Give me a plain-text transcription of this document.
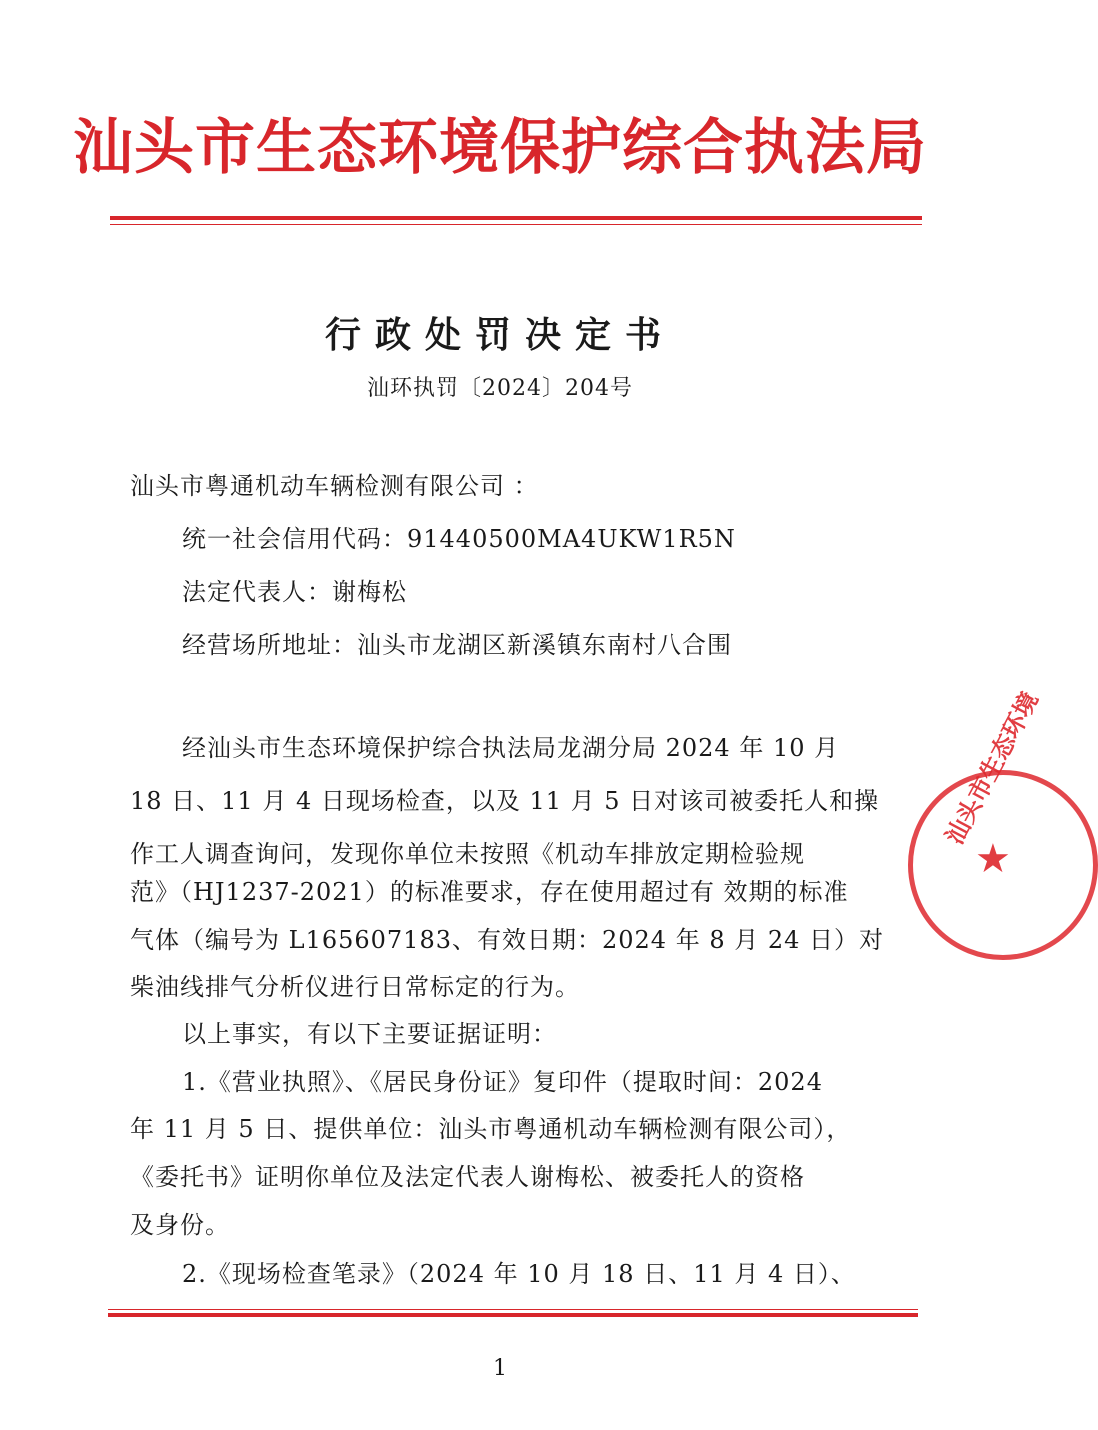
汕头市生态环境保护综合执法局
行政处罚决定书
汕环执罚〔2024〕204号
汕头市粤通机动车辆检测有限公司 ：
统一社会信用代码：91440500MA4UKW1R5N
法定代表人：谢梅松
经营场所地址：汕头市龙湖区新溪镇东南村八合围
经汕头市生态环境保护综合执法局龙湖分局 2024 年 10 月
18 日、11 月 4 日现场检查，以及 11 月 5 日对该司被委托人和操
作工人调查询问，发现你单位未按照《机动车排放定期检验规
范》（HJ1237-2021）的标准要求，存在使用超过有 效期的标准
气体（编号为 L165607183、有效日期：2024 年 8 月 24 日）对
柴油线排气分析仪进行日常标定的行为。
以上事实，有以下主要证据证明：
1.《营业执照》、《居民身份证》复印件（提取时间：2024
年 11 月 5 日、提供单位：汕头市粤通机动车辆检测有限公司），
《委托书》证明你单位及法定代表人谢梅松、被委托人的资格
及身份。
2.《现场检查笔录》（2024 年 10 月 18 日、11 月 4 日）、
汕头市生态环境
★
1
